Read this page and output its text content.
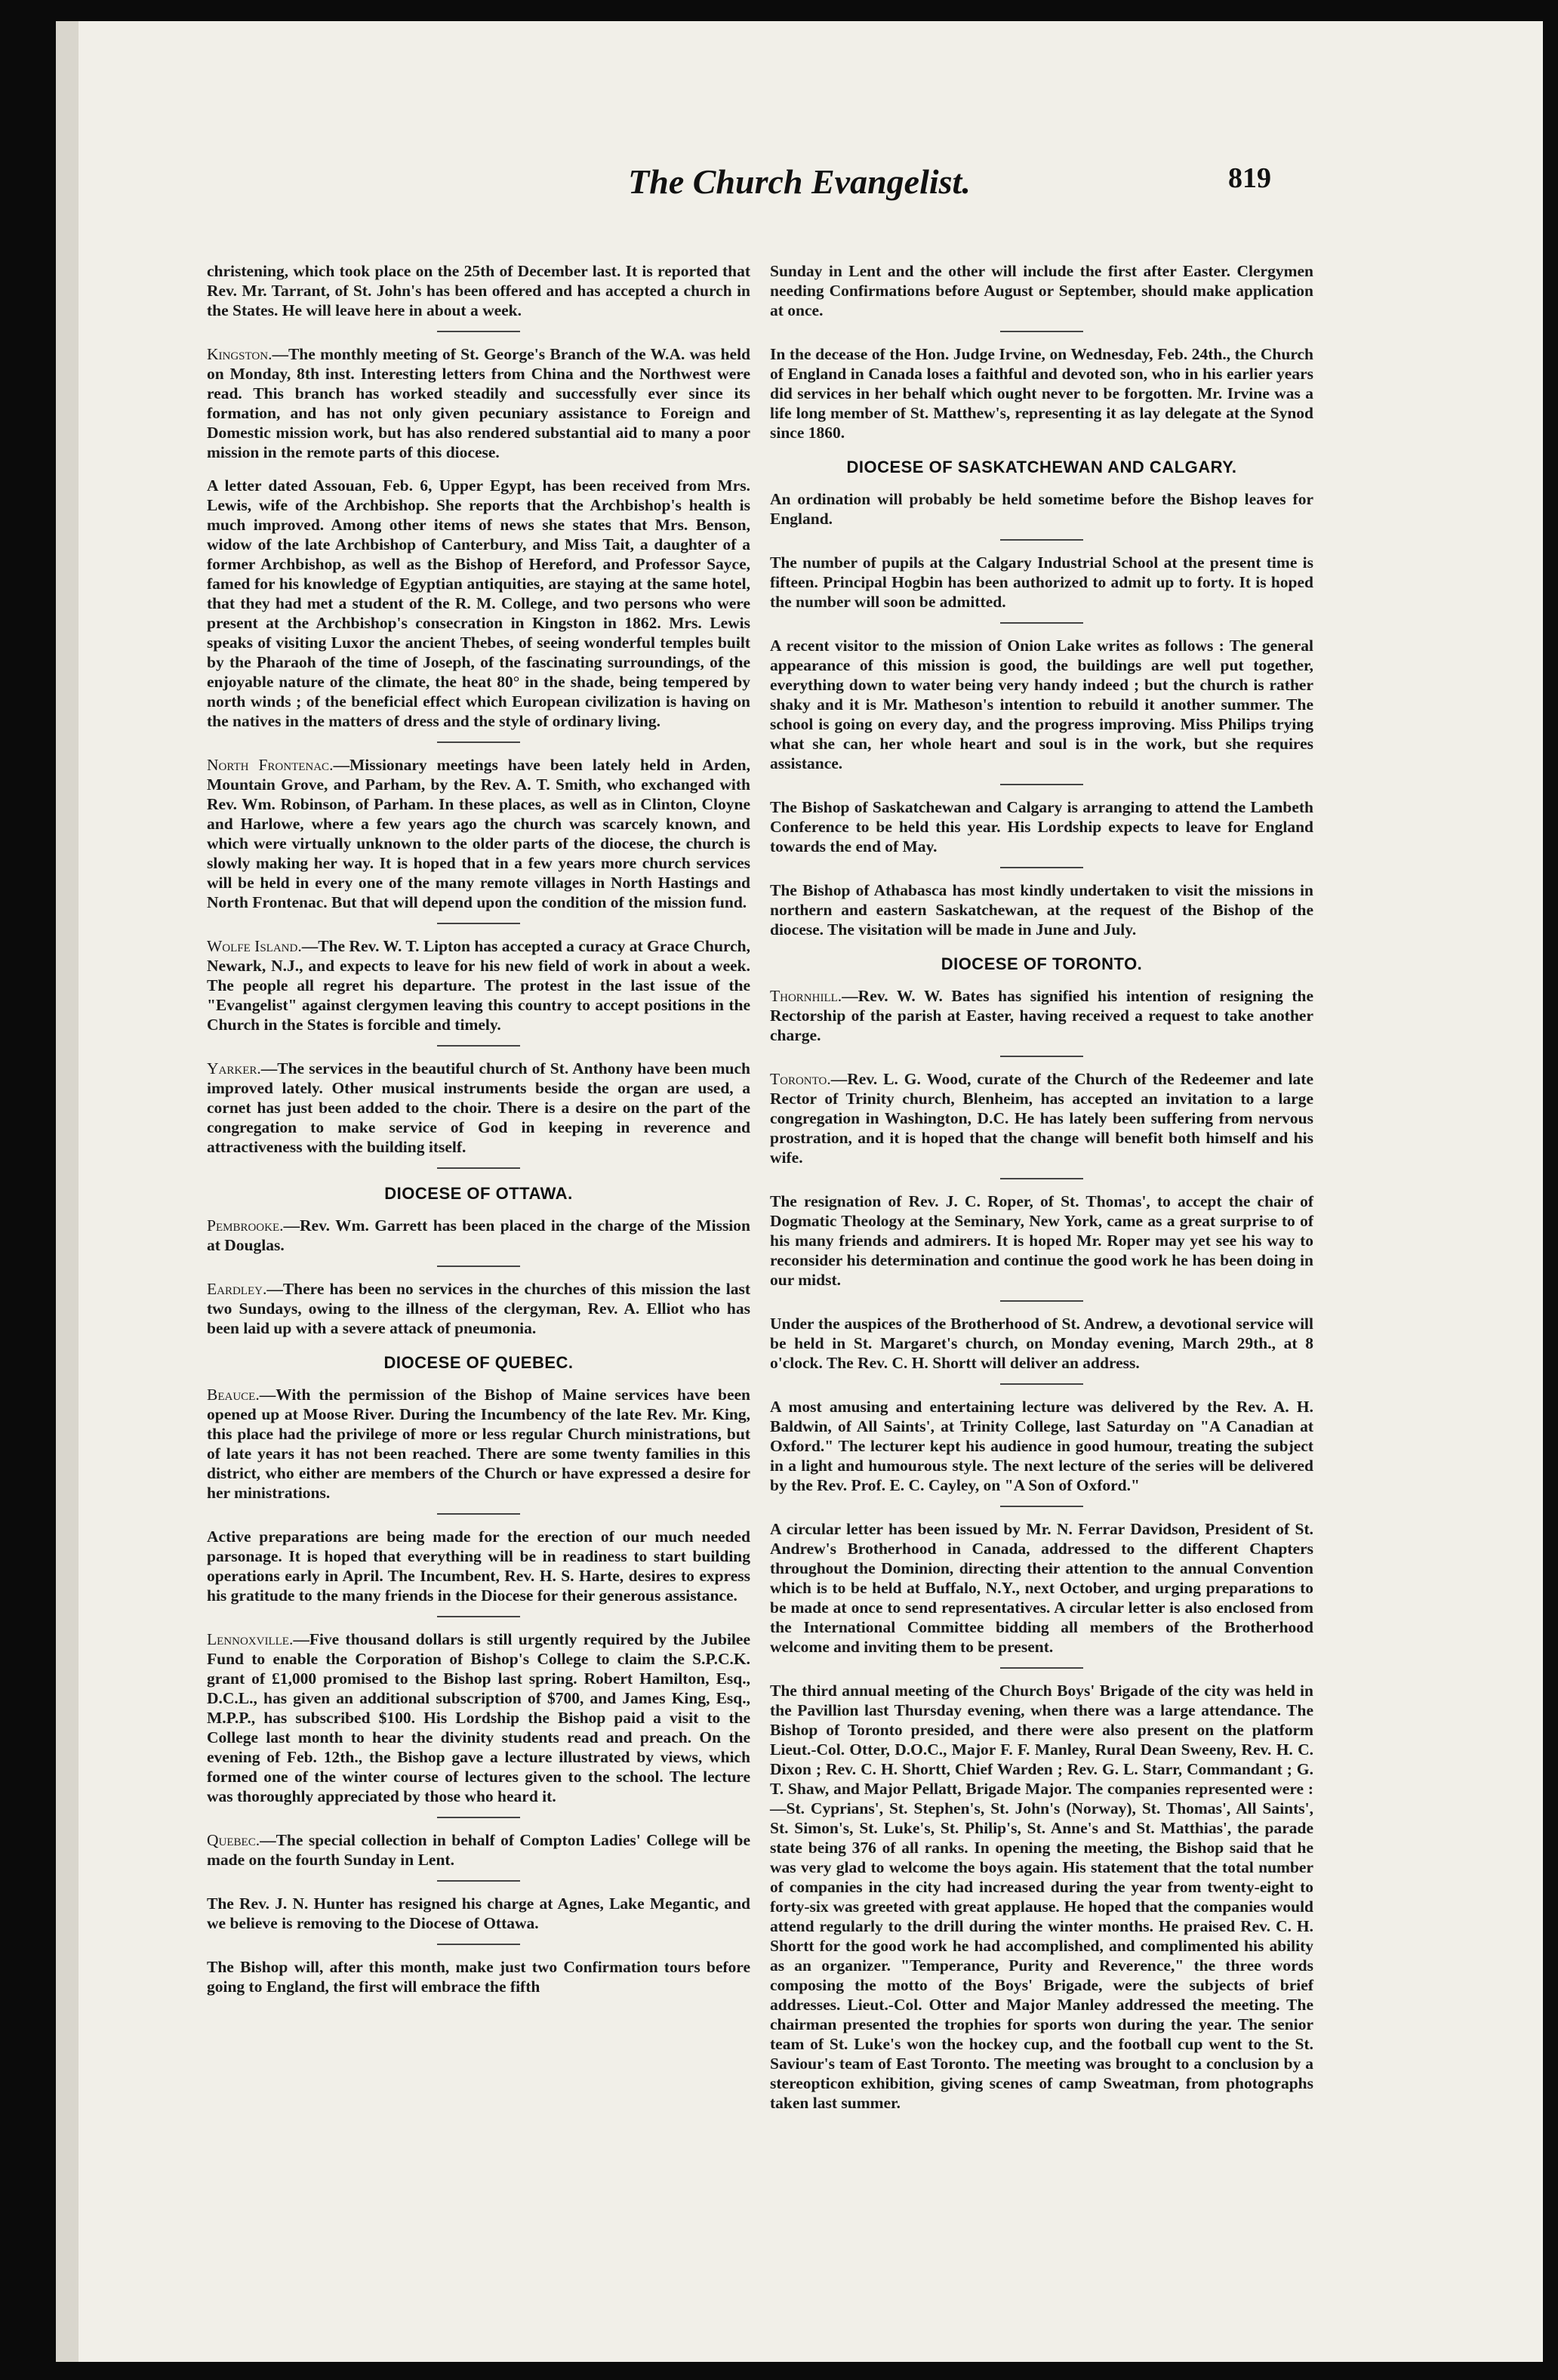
The Church Evangelist.	819

christening, which took place on the 25th of December last. It is reported that Rev. Mr. Tarrant, of St. John's has been offered and has accepted a church in the States. He will leave here in about a week.

Kingston.—The monthly meeting of St. George's Branch of the W.A. was held on Monday, 8th inst. Interesting letters from China and the Northwest were read. This branch has worked steadily and successfully ever since its formation, and has not only given pecuniary assistance to Foreign and Domestic mission work, but has also rendered substantial aid to many a poor mission in the remote parts of this diocese.

A letter dated Assouan, Feb. 6, Upper Egypt, has been received from Mrs. Lewis, wife of the Archbishop. She reports that the Archbishop's health is much improved. Among other items of news she states that Mrs. Benson, widow of the late Archbishop of Canterbury, and Miss Tait, a daughter of a former Archbishop, as well as the Bishop of Hereford, and Professor Sayce, famed for his knowledge of Egyptian antiquities, are staying at the same hotel, that they had met a student of the R. M. College, and two persons who were present at the Archbishop's consecration in Kingston in 1862. Mrs. Lewis speaks of visiting Luxor the ancient Thebes, of seeing wonderful temples built by the Pharaoh of the time of Joseph, of the fascinating surroundings, of the enjoyable nature of the climate, the heat 80° in the shade, being tempered by north winds ; of the beneficial effect which European civilization is having on the natives in the matters of dress and the style of ordinary living.

North Frontenac.—Missionary meetings have been lately held in Arden, Mountain Grove, and Parham, by the Rev. A. T. Smith, who exchanged with Rev. Wm. Robinson, of Parham. In these places, as well as in Clinton, Cloyne and Harlowe, where a few years ago the church was scarcely known, and which were virtually unknown to the older parts of the diocese, the church is slowly making her way. It is hoped that in a few years more church services will be held in every one of the many remote villages in North Hastings and North Frontenac. But that will depend upon the condition of the mission fund.

Wolfe Island.—The Rev. W. T. Lipton has accepted a curacy at Grace Church, Newark, N.J., and expects to leave for his new field of work in about a week. The people all regret his departure. The protest in the last issue of the "Evangelist" against clergymen leaving this country to accept positions in the Church in the States is forcible and timely.

Yarker.—The services in the beautiful church of St. Anthony have been much improved lately. Other musical instruments beside the organ are used, a cornet has just been added to the choir. There is a desire on the part of the congregation to make service of God in keeping in reverence and attractiveness with the building itself.

DIOCESE OF OTTAWA.

Pembrooke.—Rev. Wm. Garrett has been placed in the charge of the Mission at Douglas.

Eardley.—There has been no services in the churches of this mission the last two Sundays, owing to the illness of the clergyman, Rev. A. Elliot who has been laid up with a severe attack of pneumonia.

DIOCESE OF QUEBEC.

Beauce.—With the permission of the Bishop of Maine services have been opened up at Moose River. During the Incumbency of the late Rev. Mr. King, this place had the privilege of more or less regular Church ministrations, but of late years it has not been reached. There are some twenty families in this district, who either are members of the Church or have expressed a desire for her ministrations.

Active preparations are being made for the erection of our much needed parsonage. It is hoped that everything will be in readiness to start building operations early in April. The Incumbent, Rev. H. S. Harte, desires to express his gratitude to the many friends in the Diocese for their generous assistance.

Lennoxville.—Five thousand dollars is still urgently required by the Jubilee Fund to enable the Corporation of Bishop's College to claim the S.P.C.K. grant of £1,000 promised to the Bishop last spring. Robert Hamilton, Esq., D.C.L., has given an additional subscription of $700, and James King, Esq., M.P.P., has subscribed $100. His Lordship the Bishop paid a visit to the College last month to hear the divinity students read and preach. On the evening of Feb. 12th., the Bishop gave a lecture illustrated by views, which formed one of the winter course of lectures given to the school. The lecture was thoroughly appreciated by those who heard it.

Quebec.—The special collection in behalf of Compton Ladies' College will be made on the fourth Sunday in Lent.

The Rev. J. N. Hunter has resigned his charge at Agnes, Lake Megantic, and we believe is removing to the Diocese of Ottawa.

The Bishop will, after this month, make just two Confirmation tours before going to England, the first will embrace the fifth

Sunday in Lent and the other will include the first after Easter. Clergymen needing Confirmations before August or September, should make application at once.

In the decease of the Hon. Judge Irvine, on Wednesday, Feb. 24th., the Church of England in Canada loses a faithful and devoted son, who in his earlier years did services in her behalf which ought never to be forgotten. Mr. Irvine was a life long member of St. Matthew's, representing it as lay delegate at the Synod since 1860.

DIOCESE OF SASKATCHEWAN AND CALGARY.

An ordination will probably be held sometime before the Bishop leaves for England.

The number of pupils at the Calgary Industrial School at the present time is fifteen. Principal Hogbin has been authorized to admit up to forty. It is hoped the number will soon be admitted.

A recent visitor to the mission of Onion Lake writes as follows : The general appearance of this mission is good, the buildings are well put together, everything down to water being very handy indeed ; but the church is rather shaky and it is Mr. Matheson's intention to rebuild it another summer. The school is going on every day, and the progress improving. Miss Philips trying what she can, her whole heart and soul is in the work, but she requires assistance.

The Bishop of Saskatchewan and Calgary is arranging to attend the Lambeth Conference to be held this year. His Lordship expects to leave for England towards the end of May.

The Bishop of Athabasca has most kindly undertaken to visit the missions in northern and eastern Saskatchewan, at the request of the Bishop of the diocese. The visitation will be made in June and July.

DIOCESE OF TORONTO.

Thornhill.—Rev. W. W. Bates has signified his intention of resigning the Rectorship of the parish at Easter, having received a request to take another charge.

Toronto.—Rev. L. G. Wood, curate of the Church of the Redeemer and late Rector of Trinity church, Blenheim, has accepted an invitation to a large congregation in Washington, D.C. He has lately been suffering from nervous prostration, and it is hoped that the change will benefit both himself and his wife.

The resignation of Rev. J. C. Roper, of St. Thomas', to accept the chair of Dogmatic Theology at the Seminary, New York, came as a great surprise to of his many friends and admirers. It is hoped Mr. Roper may yet see his way to reconsider his determination and continue the good work he has been doing in our midst.

Under the auspices of the Brotherhood of St. Andrew, a devotional service will be held in St. Margaret's church, on Monday evening, March 29th., at 8 o'clock. The Rev. C. H. Shortt will deliver an address.

A most amusing and entertaining lecture was delivered by the Rev. A. H. Baldwin, of All Saints', at Trinity College, last Saturday on "A Canadian at Oxford." The lecturer kept his audience in good humour, treating the subject in a light and humourous style. The next lecture of the series will be delivered by the Rev. Prof. E. C. Cayley, on "A Son of Oxford."

A circular letter has been issued by Mr. N. Ferrar Davidson, President of St. Andrew's Brotherhood in Canada, addressed to the different Chapters throughout the Dominion, directing their attention to the annual Convention which is to be held at Buffalo, N.Y., next October, and urging preparations to be made at once to send representatives. A circular letter is also enclosed from the International Committee bidding all members of the Brotherhood welcome and inviting them to be present.

The third annual meeting of the Church Boys' Brigade of the city was held in the Pavillion last Thursday evening, when there was a large attendance. The Bishop of Toronto presided, and there were also present on the platform Lieut.-Col. Otter, D.O.C., Major F. F. Manley, Rural Dean Sweeny, Rev. H. C. Dixon ; Rev. C. H. Shortt, Chief Warden ; Rev. G. L. Starr, Commandant ; G. T. Shaw, and Major Pellatt, Brigade Major. The companies represented were :—St. Cyprians', St. Stephen's, St. John's (Norway), St. Thomas', All Saints', St. Simon's, St. Luke's, St. Philip's, St. Anne's and St. Matthias', the parade state being 376 of all ranks. In opening the meeting, the Bishop said that he was very glad to welcome the boys again. His statement that the total number of companies in the city had increased during the year from twenty-eight to forty-six was greeted with great applause. He hoped that the companies would attend regularly to the drill during the winter months. He praised Rev. C. H. Shortt for the good work he had accomplished, and complimented his ability as an organizer. "Temperance, Purity and Reverence," the three words composing the motto of the Boys' Brigade, were the subjects of brief addresses. Lieut.-Col. Otter and Major Manley addressed the meeting. The chairman presented the trophies for sports won during the year. The senior team of St. Luke's won the hockey cup, and the football cup went to the St. Saviour's team of East Toronto. The meeting was brought to a conclusion by a stereopticon exhibition, giving scenes of camp Sweatman, from photographs taken last summer.
